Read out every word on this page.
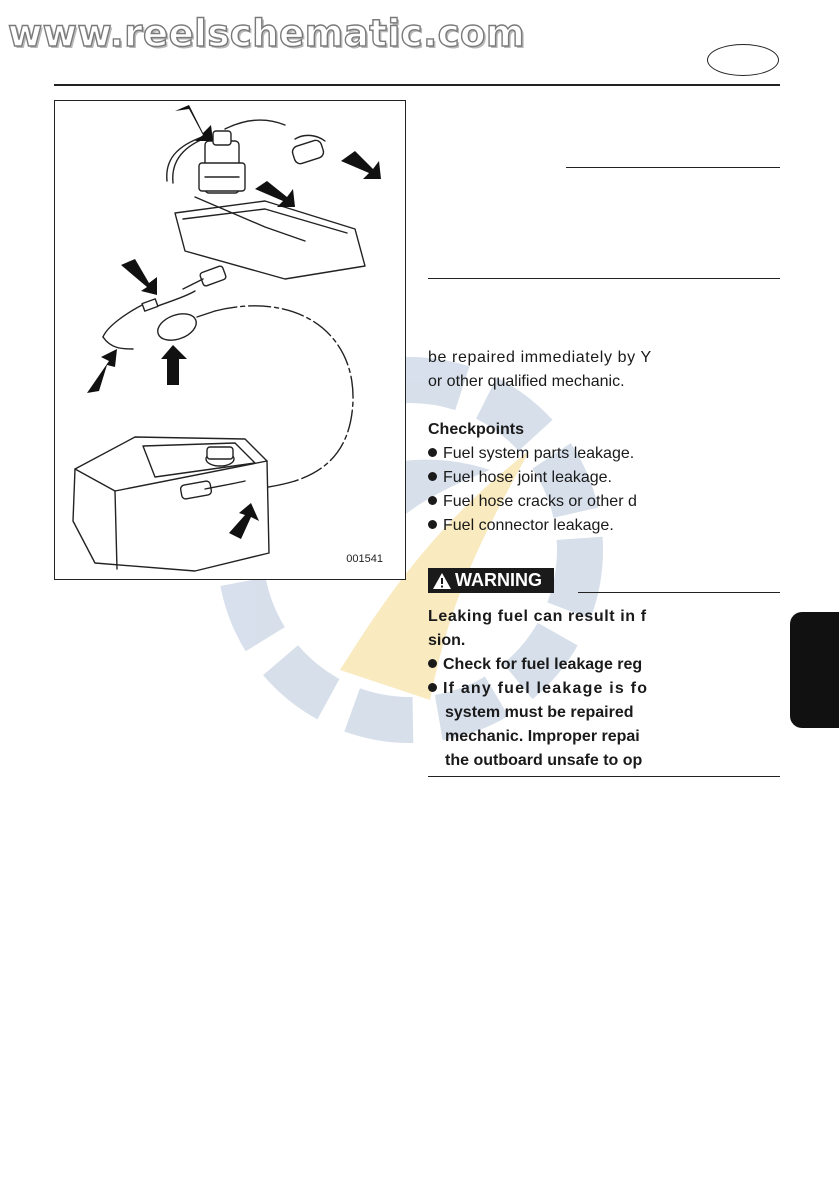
www.reelschematic.com
001541
be repaired immediately by Y
or other qualified mechanic.
Checkpoints
Fuel system parts leakage.
Fuel hose joint leakage.
Fuel hose cracks or other d
Fuel connector leakage.
WARNING
Leaking fuel can result in f
sion.
Check for fuel leakage reg
If any fuel leakage is fo
system must be repaired
mechanic. Improper repai
the outboard unsafe to op
